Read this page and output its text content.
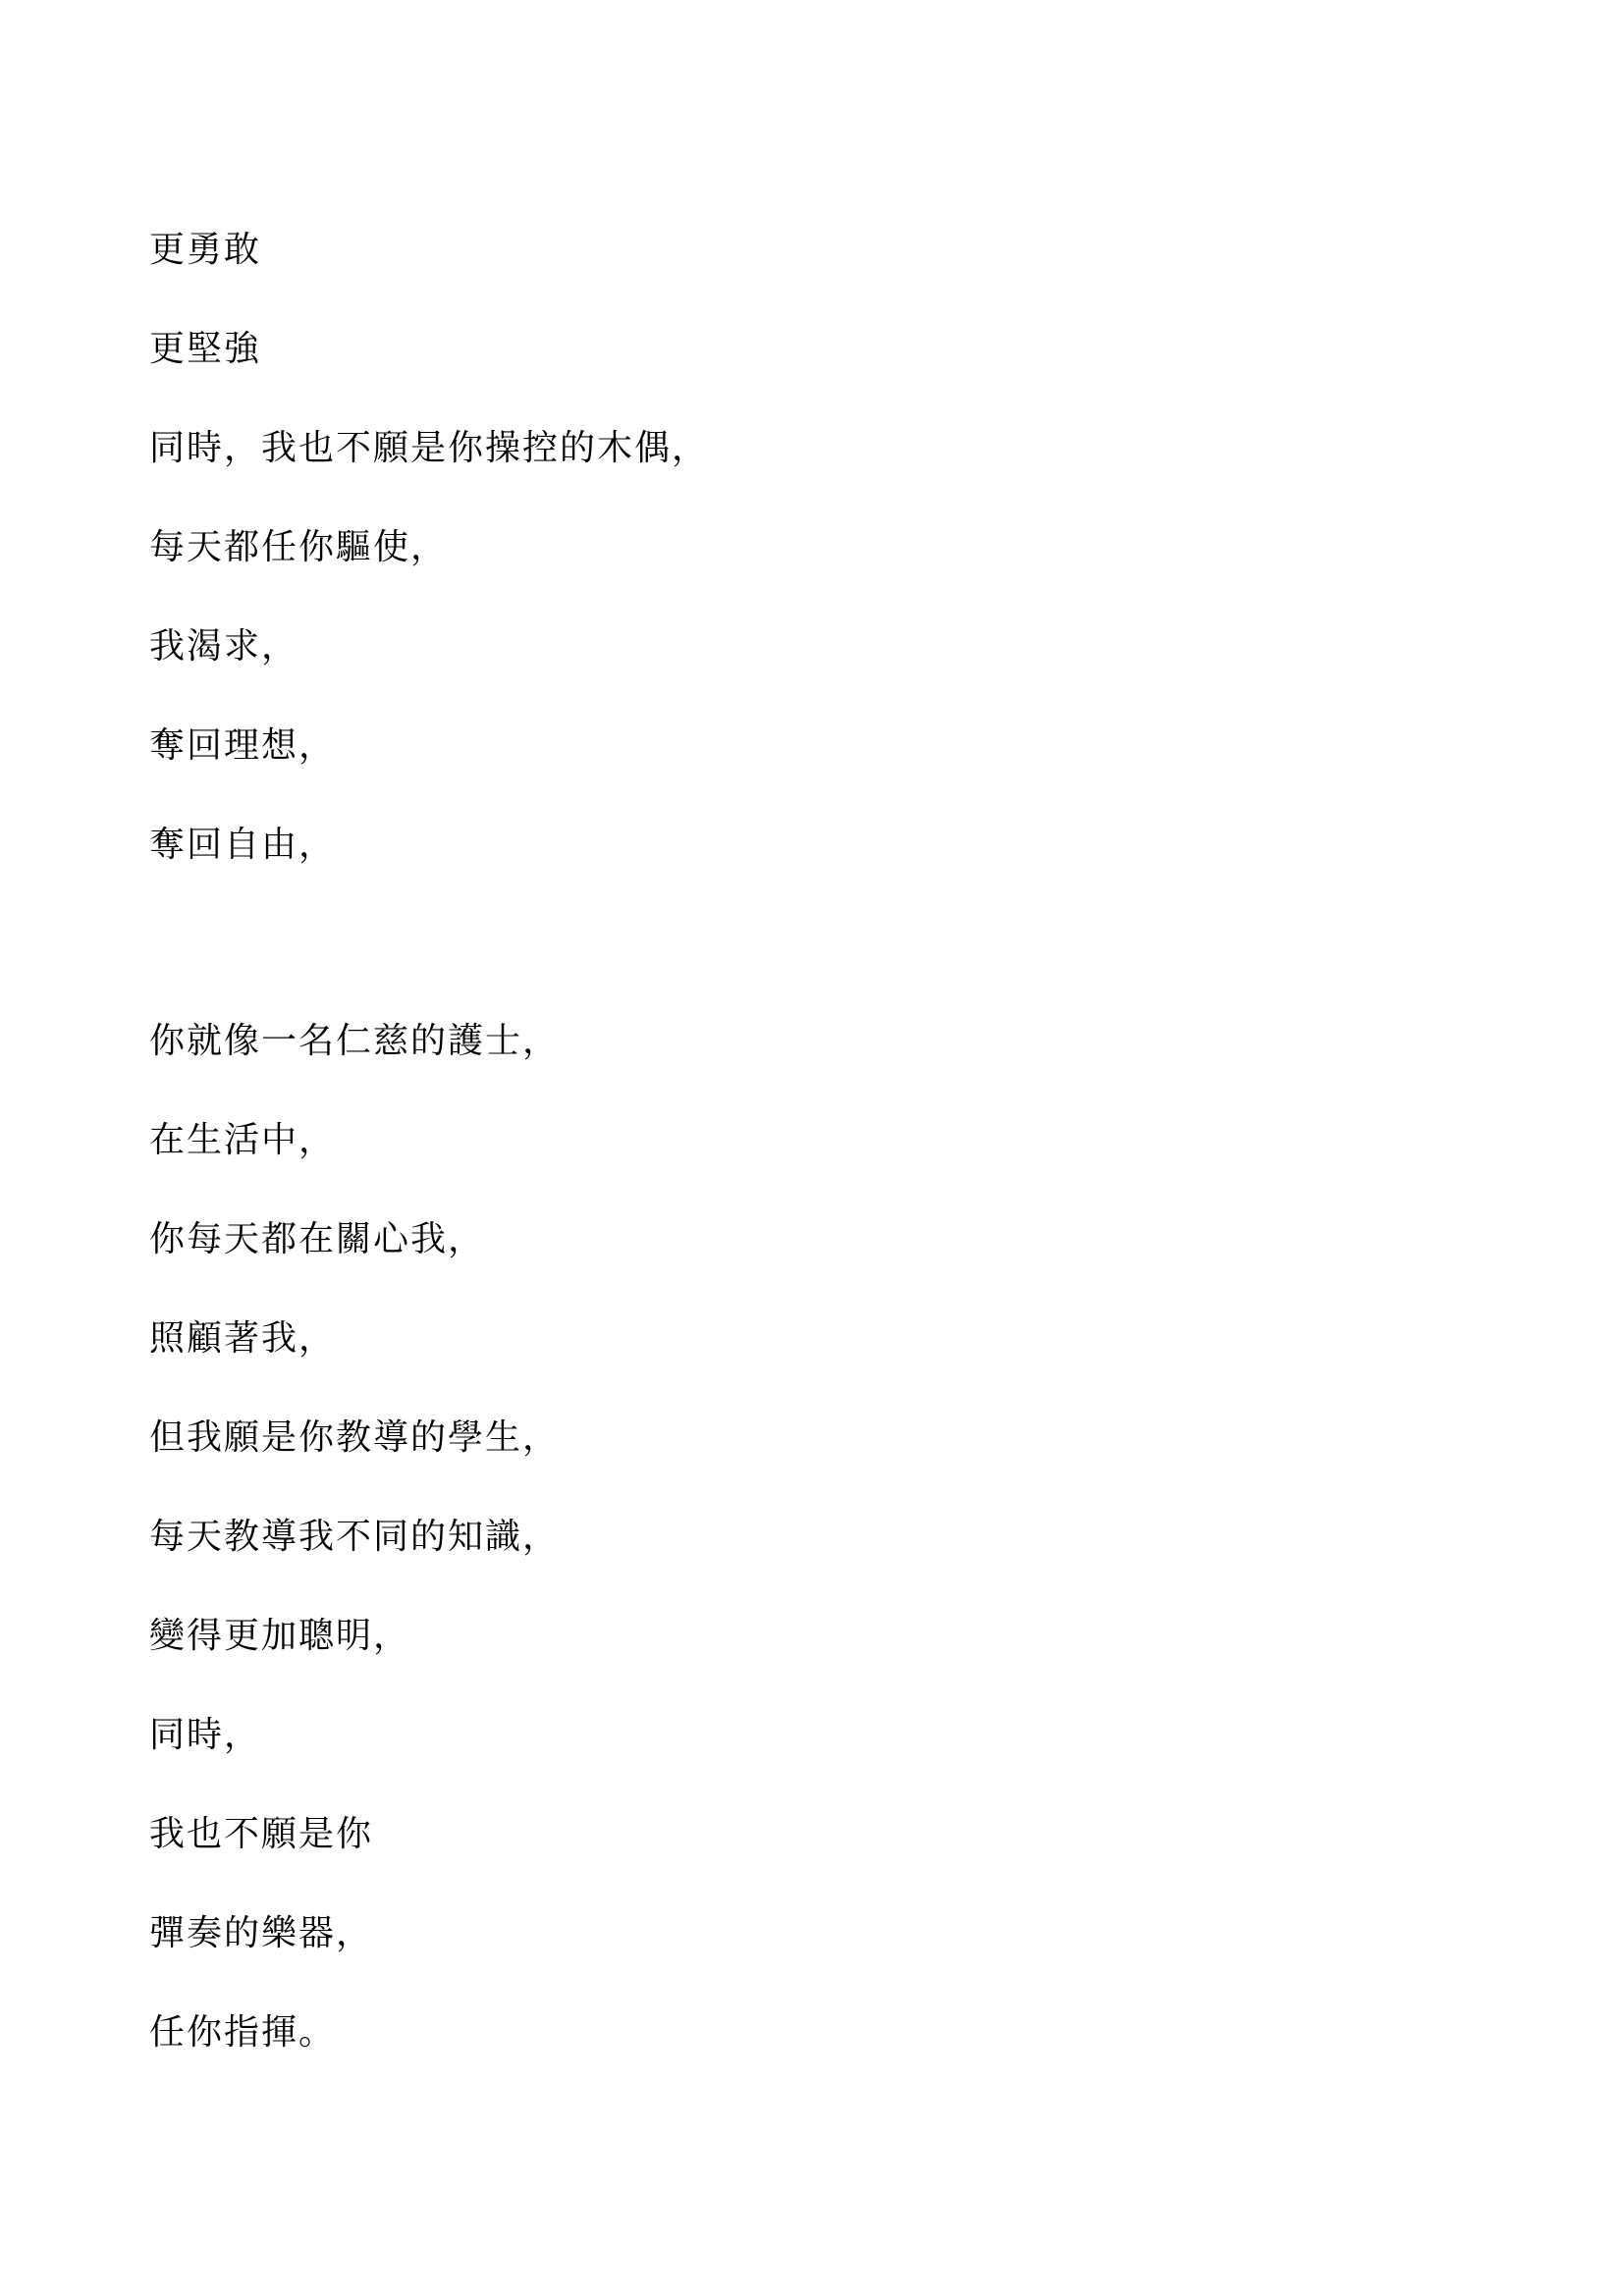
更勇敢
更堅強
同時，我也不願是你操控的木偶，
每天都任你驅使，
我渴求，
奪回理想，
奪回自由，
你就像一名仁慈的護士，
在生活中，
你每天都在關心我，
照顧著我，
但我願是你教導的學生，
每天教導我不同的知識，
變得更加聰明，
同時，
我也不願是你
彈奏的樂器，
任你指揮。
